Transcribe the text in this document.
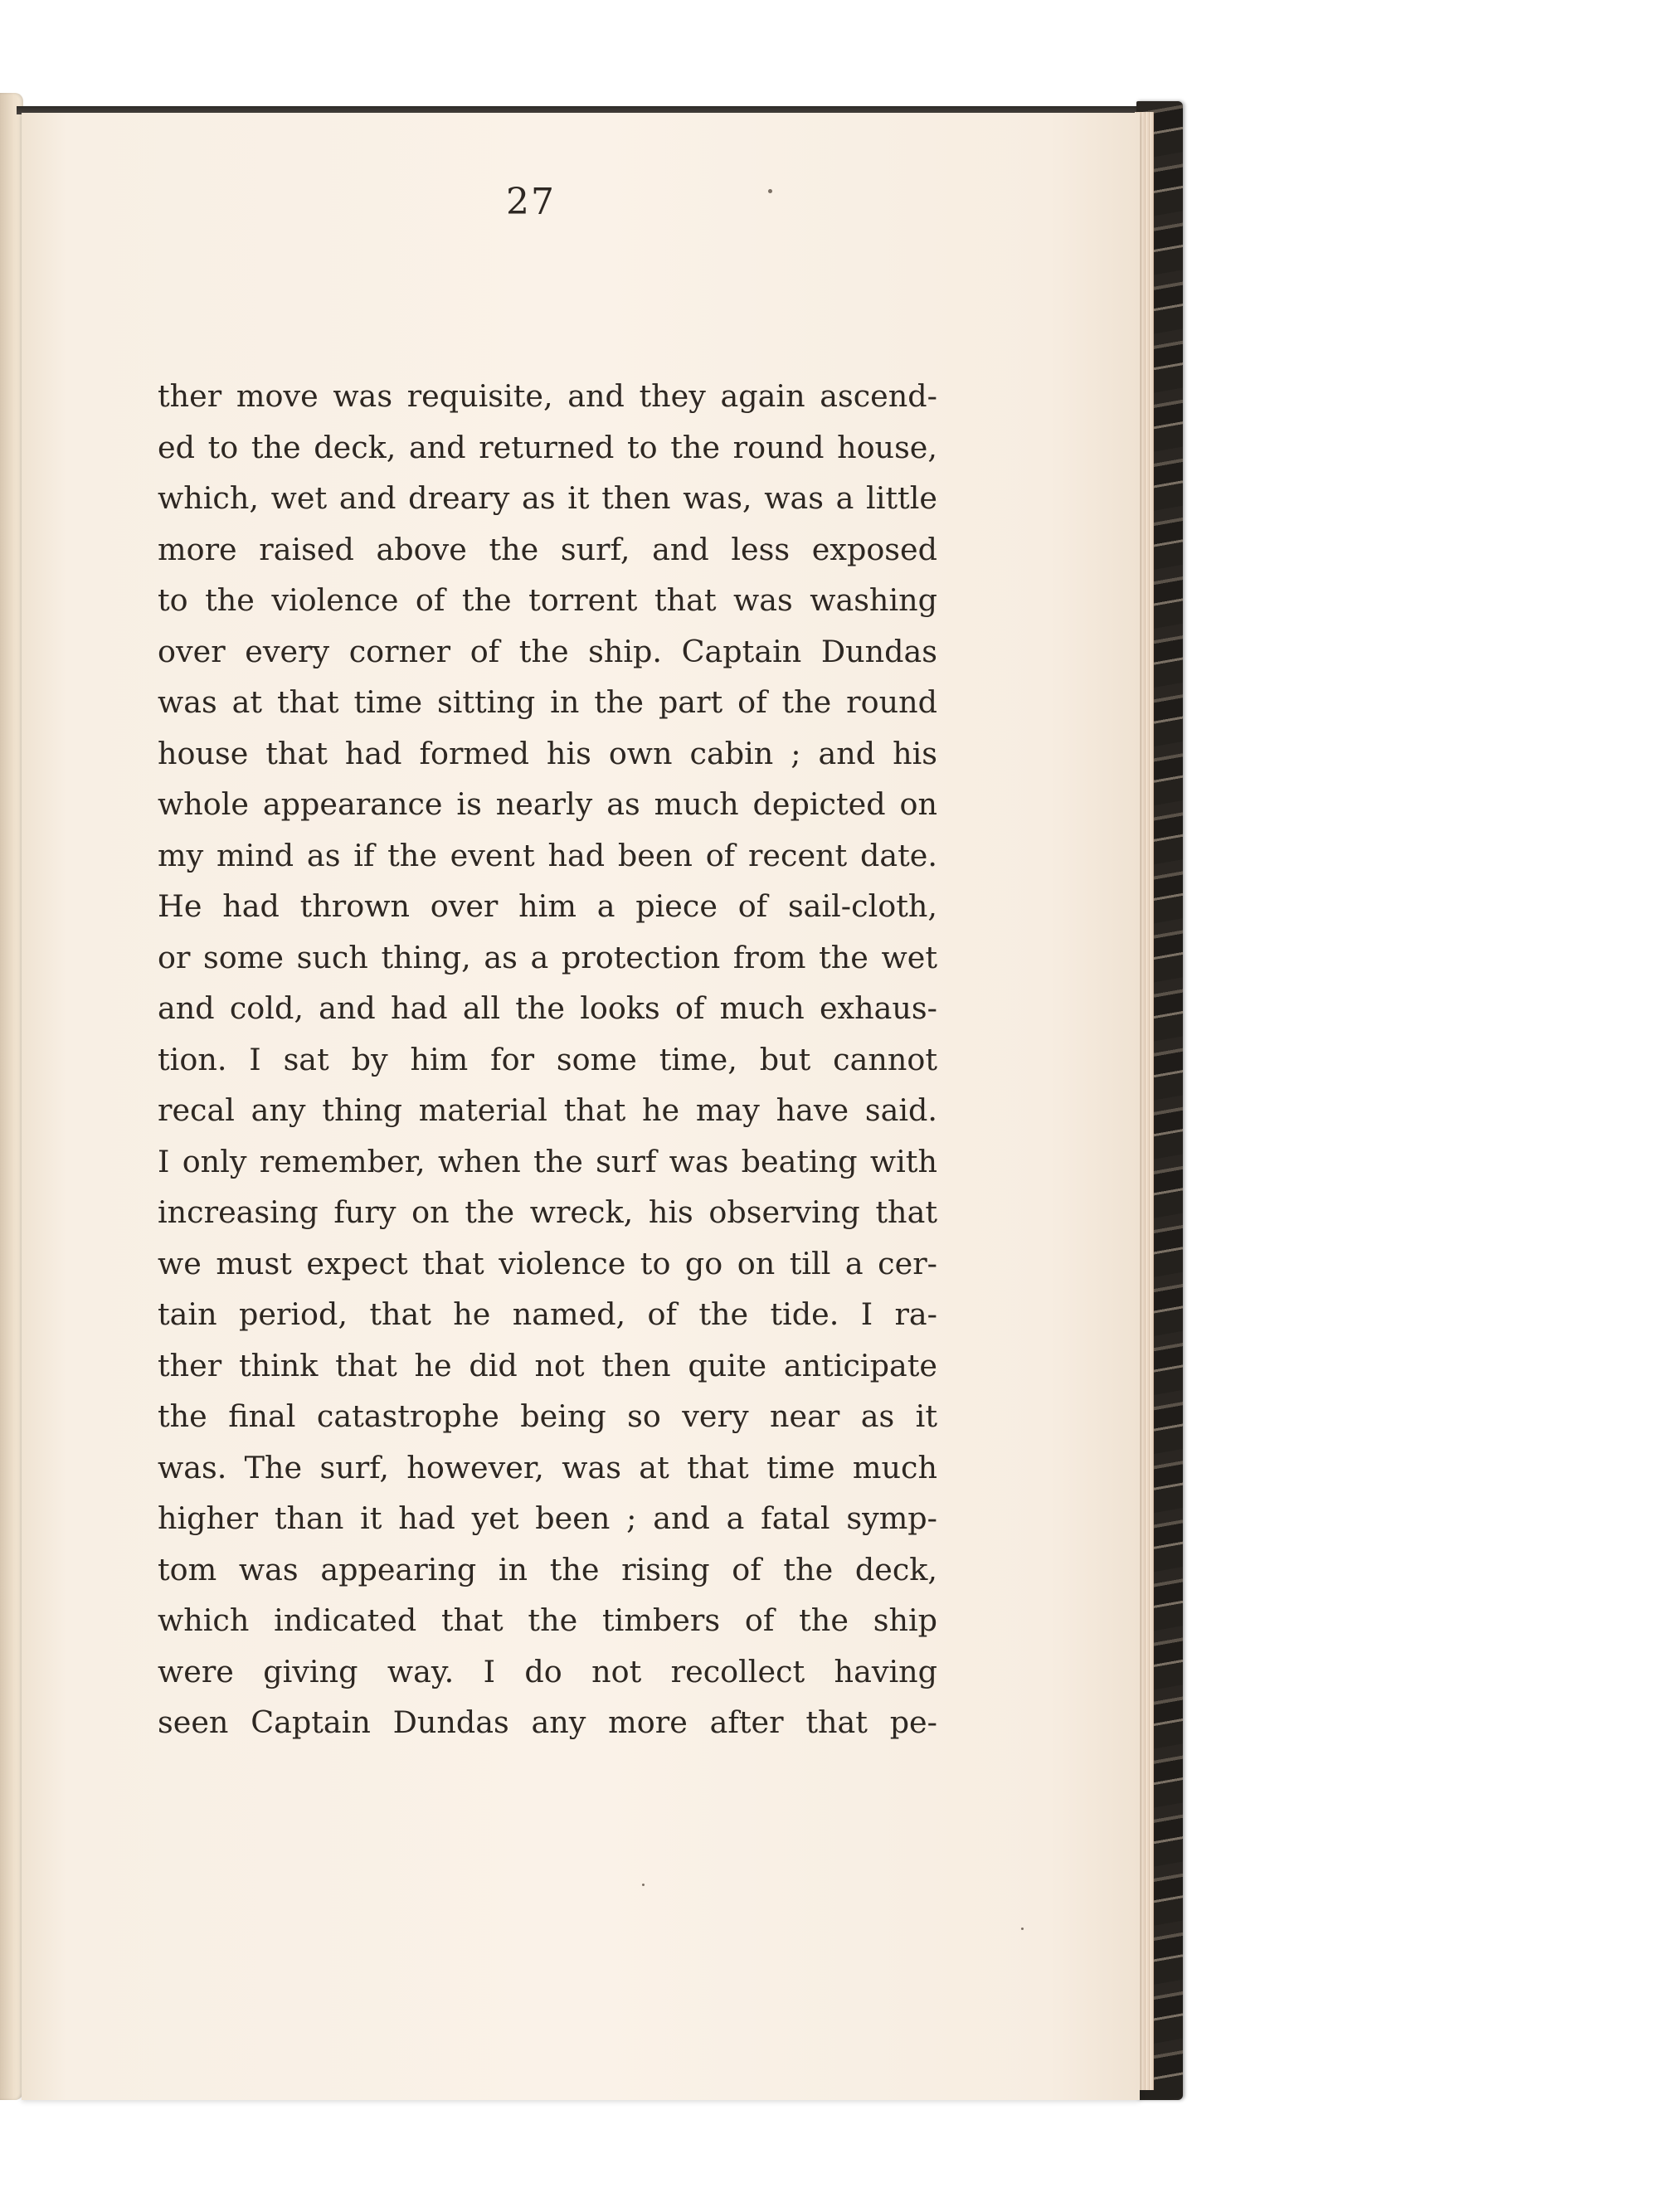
27
ther move was requisite, and they again ascend-
ed to the deck, and returned to the round house,
which, wet and dreary as it then was, was a little
more raised above the surf, and less exposed
to the violence of the torrent that was washing
over every corner of the ship. Captain Dundas
was at that time sitting in the part of the round
house that had formed his own cabin ; and his
whole appearance is nearly as much depicted on
my mind as if the event had been of recent date.
He had thrown over him a piece of sail-cloth,
or some such thing, as a protection from the wet
and cold, and had all the looks of much exhaus-
tion. I sat by him for some time, but cannot
recal any thing material that he may have said.
I only remember, when the surf was beating with
increasing fury on the wreck, his observing that
we must expect that violence to go on till a cer-
tain period, that he named, of the tide. I ra-
ther think that he did not then quite anticipate
the final catastrophe being so very near as it
was. The surf, however, was at that time much
higher than it had yet been ; and a fatal symp-
tom was appearing in the rising of the deck,
which indicated that the timbers of the ship
were giving way. I do not recollect having
seen Captain Dundas any more after that pe-
